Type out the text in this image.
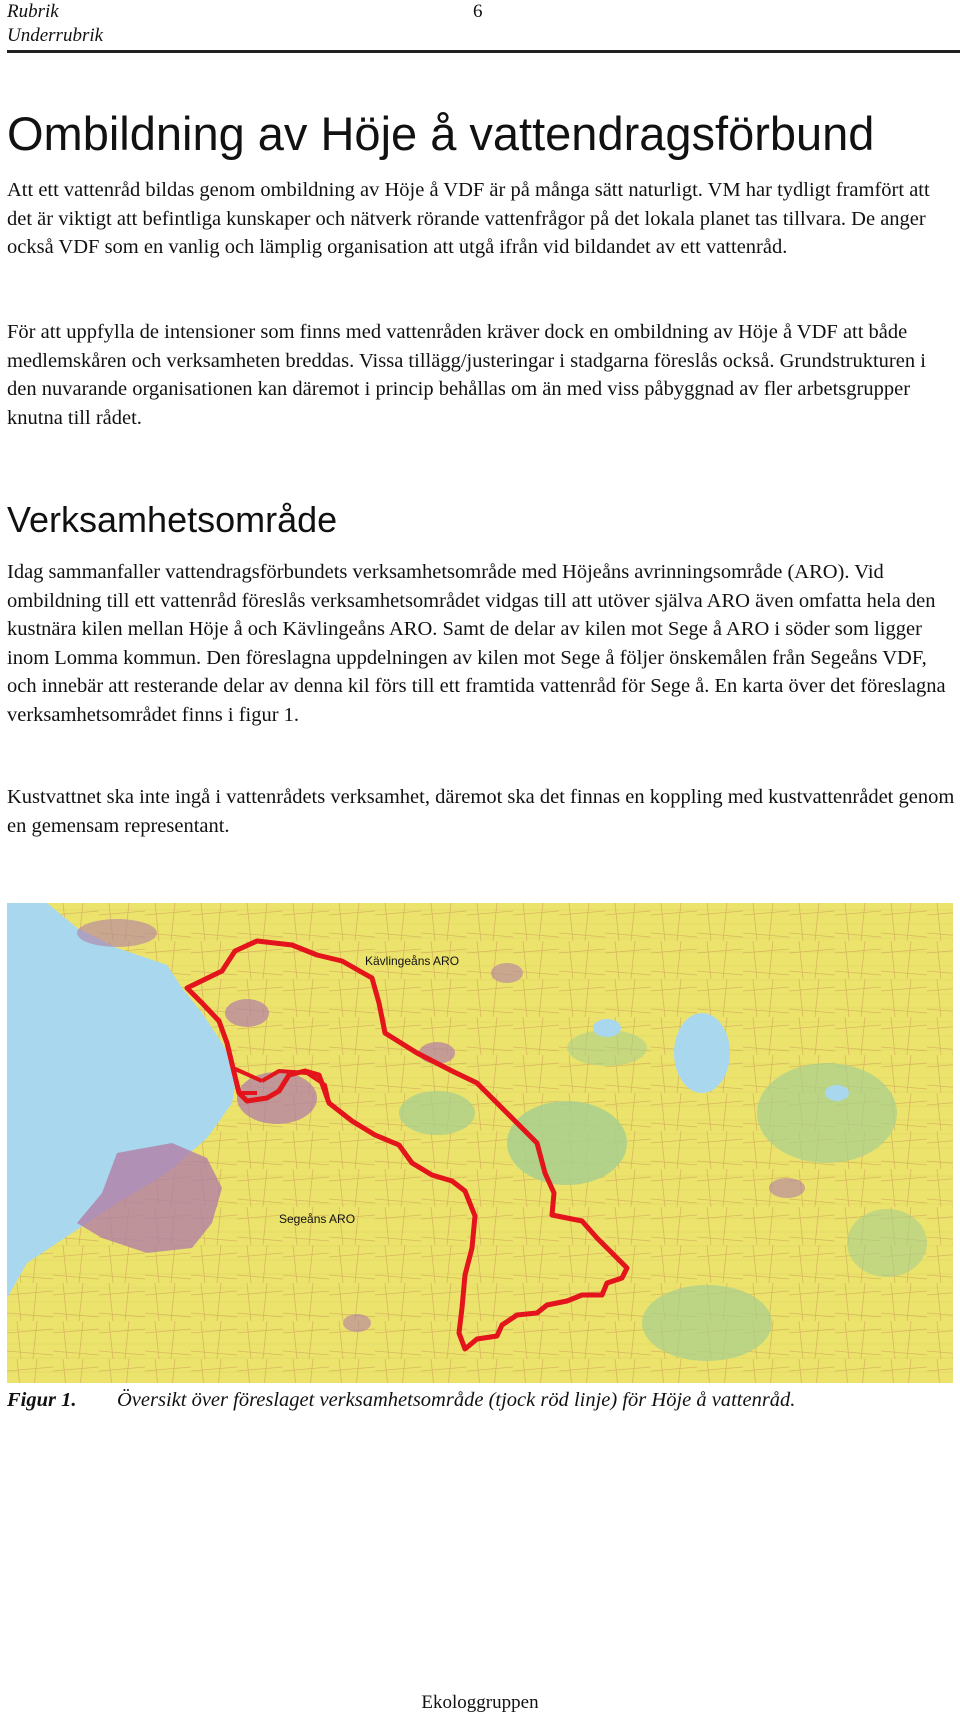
Rubrik
Underrubrik
6
Ombildning av Höje å vattendragsförbund

Att ett vattenråd bildas genom ombildning av Höje å VDF är på många sätt naturligt. VM har tydligt framfört att det är viktigt att befintliga kunskaper och nätverk rörande vattenfrågor på det lokala planet tas tillvara. De anger också VDF som en vanlig och lämplig organisation att utgå ifrån vid bildandet av ett vattenråd.

För att uppfylla de intensioner som finns med vattenråden kräver dock en ombildning av Höje å VDF att både medlemskåren och verksamheten breddas. Vissa tillägg/justeringar i stadgarna föreslås också. Grundstrukturen i den nuvarande organisationen kan däremot i princip behållas om än med viss påbyggnad av fler arbetsgrupper knutna till rådet.

Verksamhetsområde

Idag sammanfaller vattendragsförbundets verksamhetsområde med Höjeåns avrinningsområde (ARO). Vid ombildning till ett vattenråd föreslås verksamhetsområdet vidgas till att utöver själva ARO även omfatta hela den kustnära kilen mellan Höje å och Kävlingeåns ARO. Samt de delar av kilen mot Sege å ARO i söder som ligger inom Lomma kommun. Den föreslagna uppdelningen av kilen mot Sege å följer önskemålen från Segeåns VDF, och innebär att resterande delar av denna kil förs till ett framtida vattenråd för Sege å. En karta över det föreslagna verksamhetsområdet finns i figur 1.

Kustvattnet ska inte ingå i vattenrådets verksamhet, däremot ska det finnas en koppling med kustvattenrådet genom en gemensam representant.

Kävlingeåns ARO
Segeåns ARO
Figur 1. Översikt över föreslaget verksamhetsområde (tjock röd linje) för Höje å vattenråd.
Ekologgruppen
